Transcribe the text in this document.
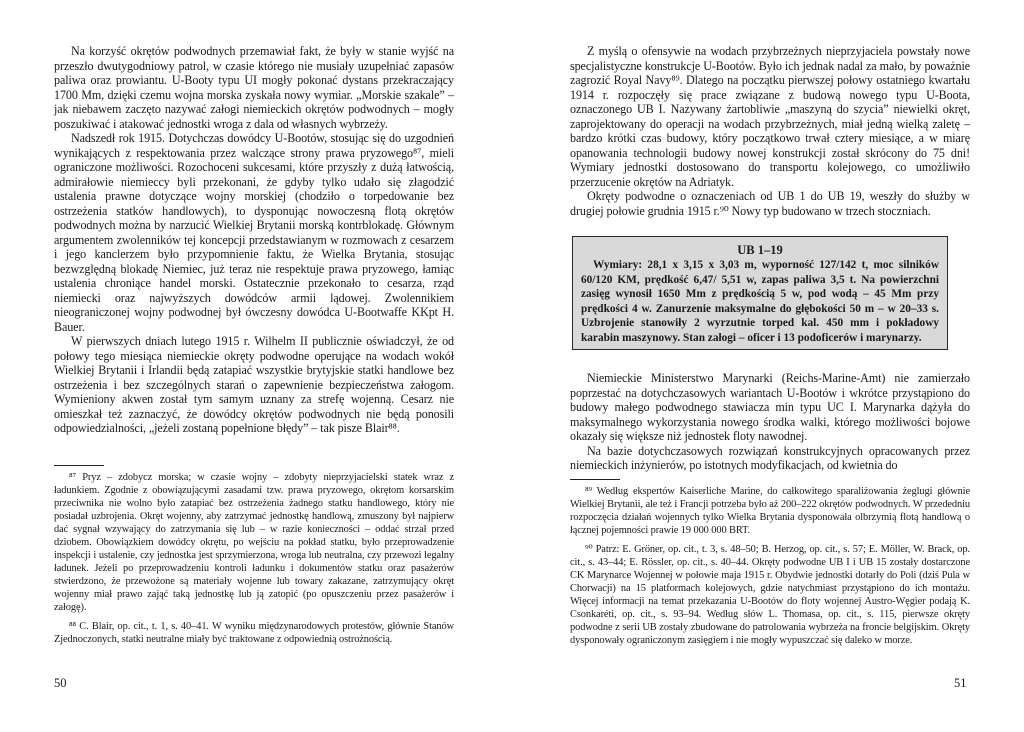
Na korzyść okrętów podwodnych przemawiał fakt, że były w stanie wyjść na przeszło dwutygodniowy patrol, w czasie którego nie musiały uzupełniać zapasów paliwa oraz prowiantu. U-Booty typu UI mogły pokonać dystans przekraczający 1700 Mm, dzięki czemu wojna morska zyskała nowy wymiar. „Morskie szakale” – jak niebawem zaczęto nazywać załogi niemieckich okrętów podwodnych – mogły poszukiwać i atakować jednostki wroga z dala od własnych wybrzeży.

Nadszedł rok 1915. Dotychczas dowódcy U-Bootów, stosując się do uzgodnień wynikających z respektowania przez walczące strony prawa pryzowego⁸⁷, mieli ograniczone możliwości. Rozochoceni sukcesami, które przyszły z dużą łatwością, admirałowie niemieccy byli przekonani, że gdyby tylko udało się złagodzić ustalenia prawne dotyczące wojny morskiej (chodziło o torpedowanie bez ostrzeżenia statków handlowych), to dysponując nowoczesną flotą okrętów podwodnych można by narzucić Wielkiej Brytanii morską kontrblokadę. Głównym argumentem zwolenników tej koncepcji przedstawianym w rozmowach z cesarzem i jego kanclerzem było przypomnienie faktu, że Wielka Brytania, stosując bezwzględną blokadę Niemiec, już teraz nie respektuje prawa pryzowego, łamiąc ustalenia chroniące handel morski. Ostatecznie przekonało to cesarza, rząd niemiecki oraz najwyższych dowódców armii lądowej. Zwolennikiem nieograniczonej wojny podwodnej był ówczesny dowódca U-Bootwaffe KKpt H. Bauer.

W pierwszych dniach lutego 1915 r. Wilhelm II publicznie oświadczył, że od połowy tego miesiąca niemieckie okręty podwodne operujące na wodach wokół Wielkiej Brytanii i Irlandii będą zatapiać wszystkie brytyjskie statki handlowe bez ostrzeżenia i bez szczególnych starań o zapewnienie bezpieczeństwa załogom. Wymieniony akwen został tym samym uznany za strefę wojenną. Cesarz nie omieszkał też zaznaczyć, że dowódcy okrętów podwodnych nie będą ponosili odpowiedzialności, „jeżeli zostaną popełnione błędy” – tak pisze Blair⁸⁸.

⁸⁷ Pryz – zdobycz morska; w czasie wojny – zdobyty nieprzyjacielski statek wraz z ładunkiem. Zgodnie z obowiązującymi zasadami tzw. prawa pryzowego, okrętom korsarskim przeciwnika nie wolno było zatapiać bez ostrzeżenia żadnego statku handlowego, który nie posiadał uzbrojenia. Okręt wojenny, aby zatrzymać jednostkę handlową, zmuszony był najpierw dać sygnał wzywający do zatrzymania się lub – w razie konieczności – oddać strzał przed dziobem. Obowiązkiem dowódcy okrętu, po wejściu na pokład statku, było przeprowadzenie inspekcji i ustalenie, czy jednostka jest sprzymierzona, wroga lub neutralna, czy przewozi legalny ładunek. Jeżeli po przeprowadzeniu kontroli ładunku i dokumentów statku oraz pasażerów stwierdzono, że przewożone są materiały wojenne lub towary zakazane, zatrzymujący okręt wojenny miał prawo zająć taką jednostkę lub ją zatopić (po opuszczeniu przez pasażerów i załogę).

⁸⁸ C. Blair, op. cit., t. 1, s. 40–41. W wyniku międzynarodowych protestów, głównie Stanów Zjednoczonych, statki neutralne miały być traktowane z odpowiednią ostrożnością.

50

Z myślą o ofensywie na wodach przybrzeżnych nieprzyjaciela powstały nowe specjalistyczne konstrukcje U-Bootów. Było ich jednak nadal za mało, by poważnie zagrozić Royal Navy⁸⁹. Dlatego na początku pierwszej połowy ostatniego kwartału 1914 r. rozpoczęły się prace związane z budową nowego typu U-Boota, oznaczonego UB I. Nazywany żartobliwie „maszyną do szycia” niewielki okręt, zaprojektowany do operacji na wodach przybrzeżnych, miał jedną wielką zaletę – bardzo krótki czas budowy, który początkowo trwał cztery miesiące, a w miarę opanowania technologii budowy nowej konstrukcji został skrócony do 75 dni! Wymiary jednostki dostosowano do transportu kolejowego, co umożliwiło przerzucenie okrętów na Adriatyk.

Okręty podwodne o oznaczeniach od UB 1 do UB 19, weszły do służby w drugiej połowie grudnia 1915 r.⁹⁰ Nowy typ budowano w trzech stoczniach.

UB 1–19

Wymiary: 28,1 x 3,15 x 3,03 m, wyporność 127/142 t, moc silników 60/120 KM, prędkość 6,47/ 5,51 w, zapas paliwa 3,5 t. Na powierzchni zasięg wynosił 1650 Mm z prędkością 5 w, pod wodą – 45 Mm przy prędkości 4 w. Zanurzenie maksymalne do głębokości 50 m – w 20–33 s. Uzbrojenie stanowiły 2 wyrzutnie torped kal. 450 mm i pokładowy karabin maszynowy. Stan załogi – oficer i 13 podoficerów i marynarzy.

Niemieckie Ministerstwo Marynarki (Reichs-Marine-Amt) nie zamierzało poprzestać na dotychczasowych wariantach U-Bootów i wkrótce przystąpiono do budowy małego podwodnego stawiacza min typu UC I. Marynarka dążyła do maksymalnego wykorzystania nowego środka walki, którego możliwości bojowe okazały się większe niż jednostek floty nawodnej.

Na bazie dotychczasowych rozwiązań konstrukcyjnych opracowanych przez niemieckich inżynierów, po istotnych modyfikacjach, od kwietnia do

⁸⁹ Według ekspertów Kaiserliche Marine, do całkowitego sparaliżowania żeglugi głównie Wielkiej Brytanii, ale też i Francji potrzeba było aż 200–222 okrętów podwodnych. W przededniu rozpoczęcia działań wojennych tylko Wielka Brytania dysponowała olbrzymią flotą handlową o łącznej pojemności prawie 19 000 000 BRT.

⁹⁰ Patrz: E. Gröner, op. cit., t. 3, s. 48–50; B. Herzog, op. cit., s. 57; E. Möller, W. Brack, op. cit., s. 43–44; E. Rössler, op. cit., s. 40–44. Okręty podwodne UB I i UB 15 zostały dostarczone CK Marynarce Wojennej w połowie maja 1915 r. Obydwie jednostki dotarły do Poli (dziś Pula w Chorwacji) na 15 platformach kolejowych, gdzie natychmiast przystąpiono do ich montażu. Więcej informacji na temat przekazania U-Bootów do floty wojennej Austro-Węgier podają K. Csonkaréti, op. cit., s. 93–94. Według słów L. Thomasa, op. cit., s. 115, pierwsze okręty podwodne z serii UB zostały zbudowane do patrolowania wybrzeża na froncie belgijskim. Okręty dysponowały ograniczonym zasięgiem i nie mogły wypuszczać się daleko w morze.

51
